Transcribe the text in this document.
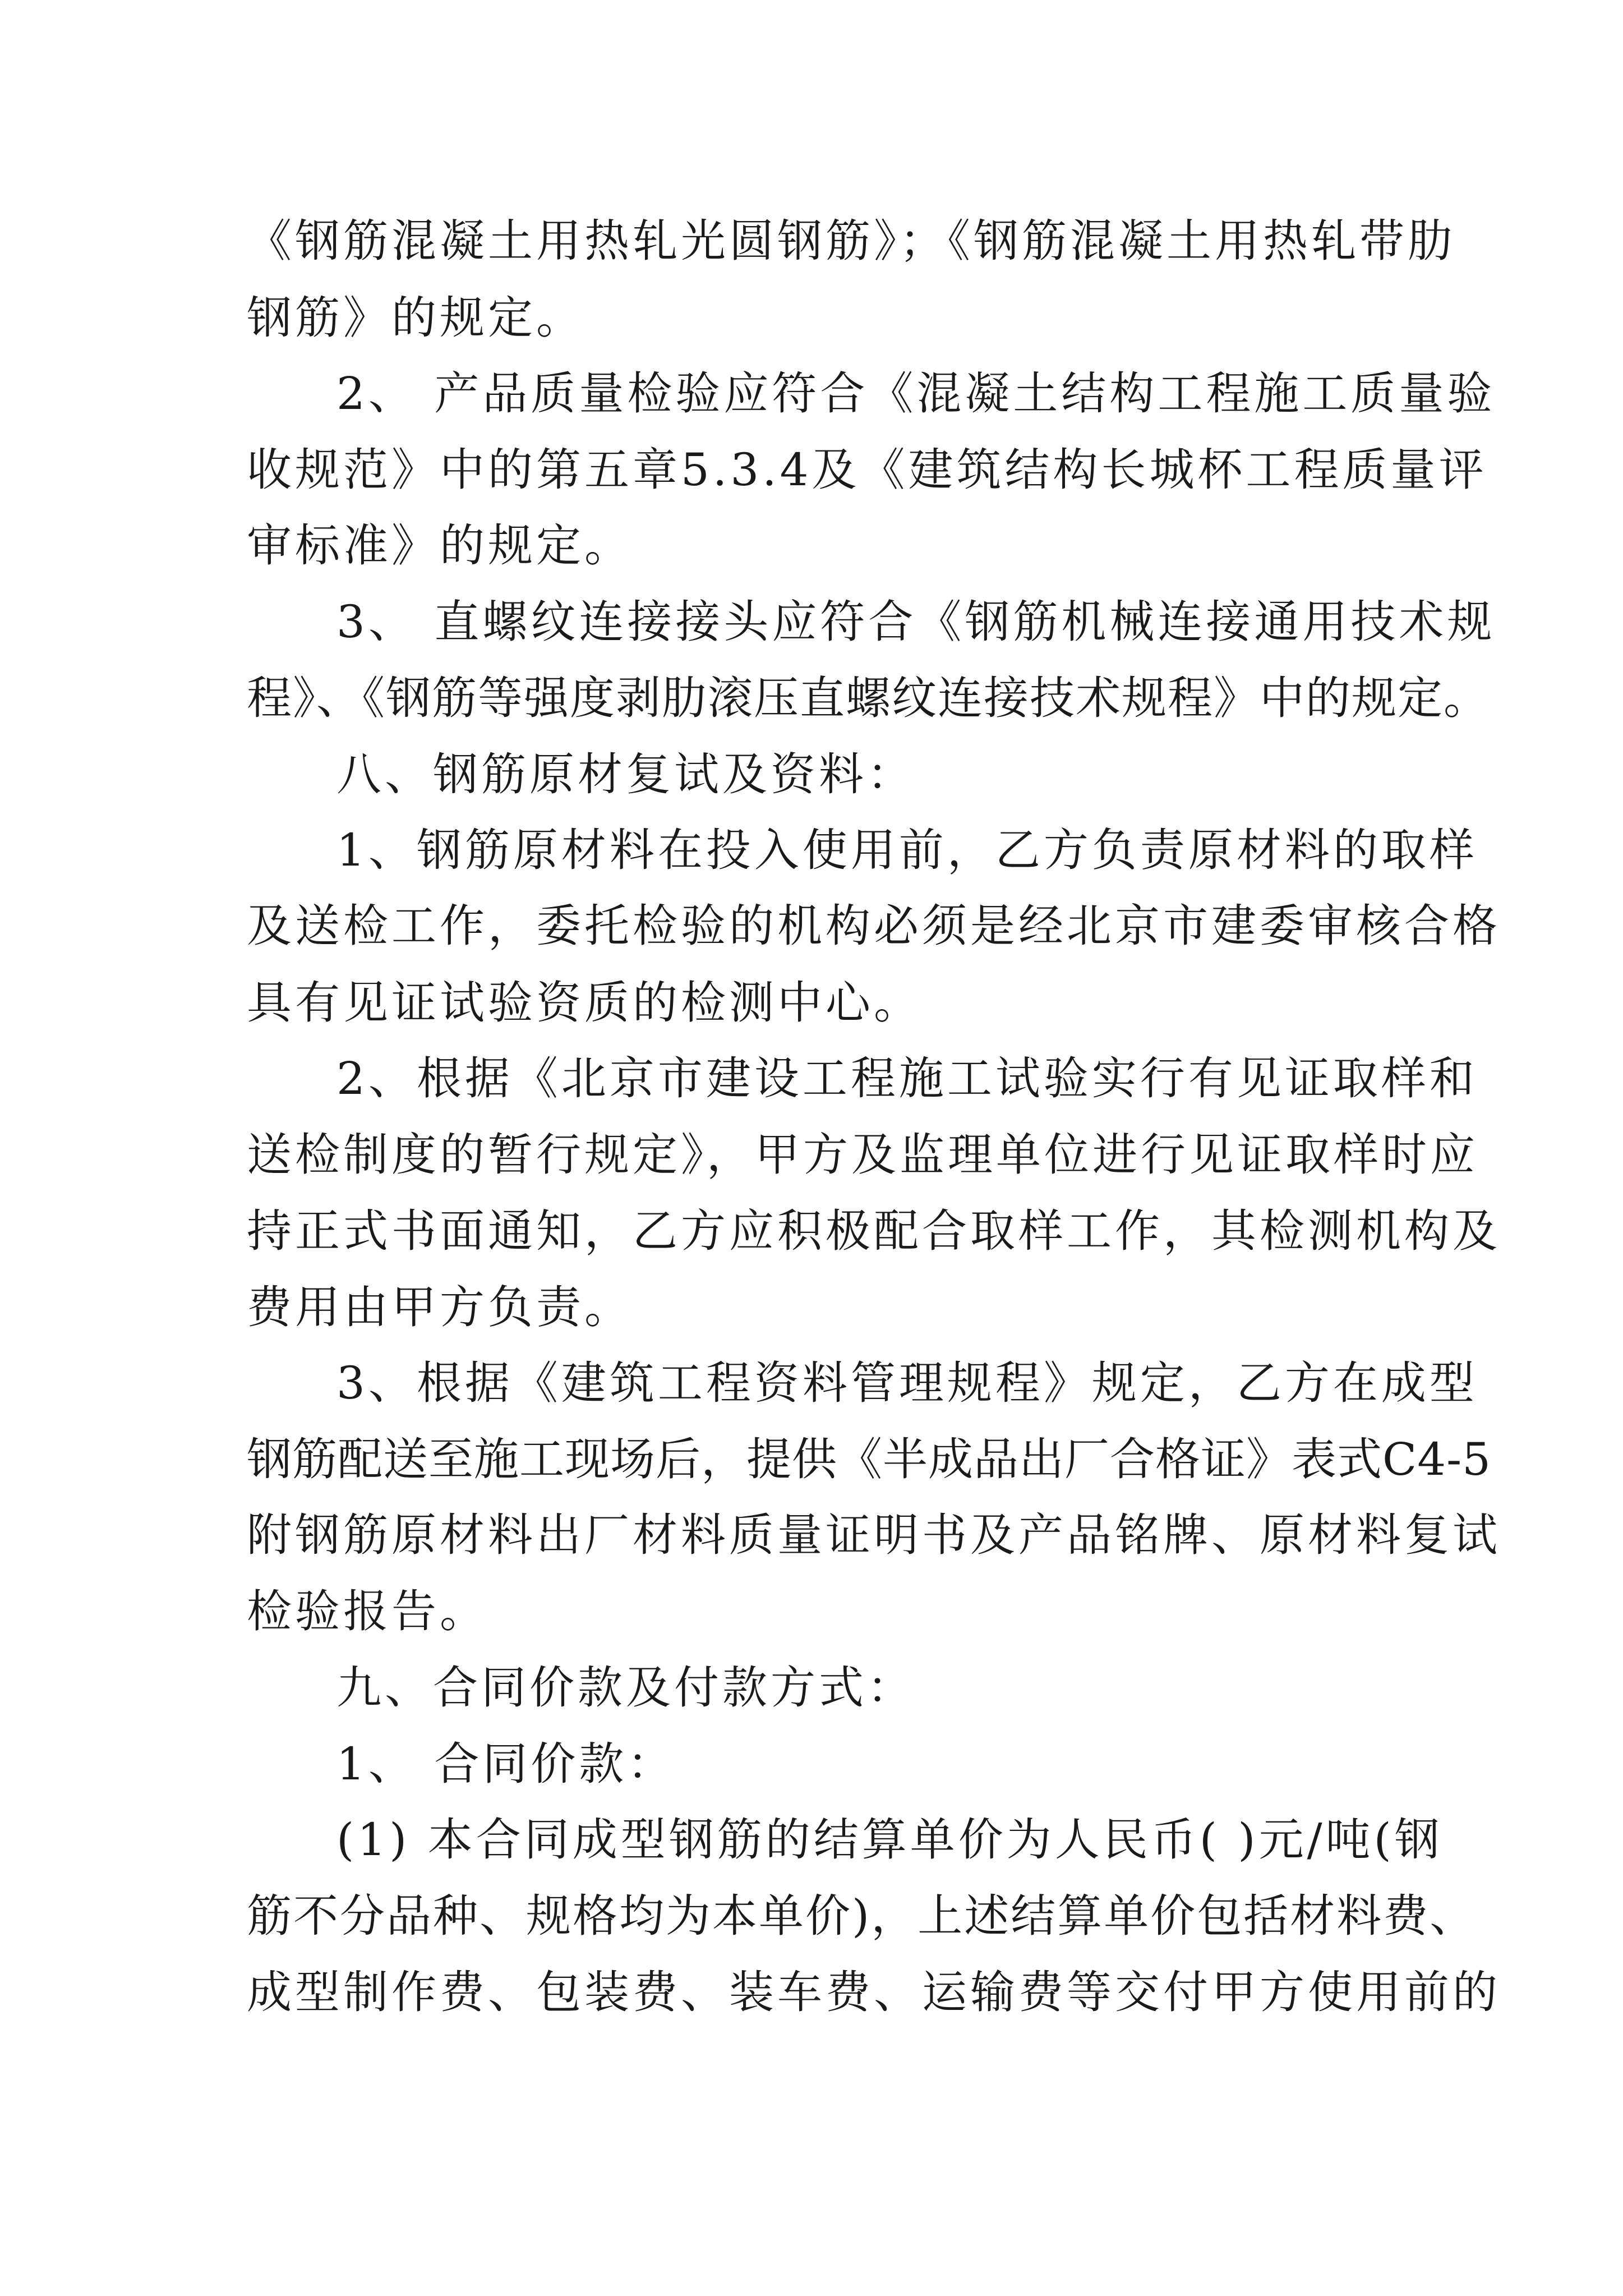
《钢筋混凝土用热轧光圆钢筋》；《钢筋混凝土用热轧带肋
钢筋》的规定。
2、 产品质量检验应符合《混凝土结构工程施工质量验
收规范》中的第五章5.3.4及《建筑结构长城杯工程质量评
审标准》的规定。
3、 直螺纹连接接头应符合《钢筋机械连接通用技术规
程》、《钢筋等强度剥肋滚压直螺纹连接技术规程》中的规定。
八、钢筋原材复试及资料：
1、钢筋原材料在投入使用前，乙方负责原材料的取样
及送检工作，委托检验的机构必须是经北京市建委审核合格
具有见证试验资质的检测中心。
2、根据《北京市建设工程施工试验实行有见证取样和
送检制度的暂行规定》，甲方及监理单位进行见证取样时应
持正式书面通知，乙方应积极配合取样工作，其检测机构及
费用由甲方负责。
3、根据《建筑工程资料管理规程》规定，乙方在成型
钢筋配送至施工现场后，提供《半成品出厂合格证》表式C4-5
附钢筋原材料出厂材料质量证明书及产品铭牌、原材料复试
检验报告。
九、合同价款及付款方式：
1、 合同价款：
(1) 本合同成型钢筋的结算单价为人民币( )元/吨(钢
筋不分品种、规格均为本单价)，上述结算单价包括材料费、
成型制作费、包装费、装车费、运输费等交付甲方使用前的
